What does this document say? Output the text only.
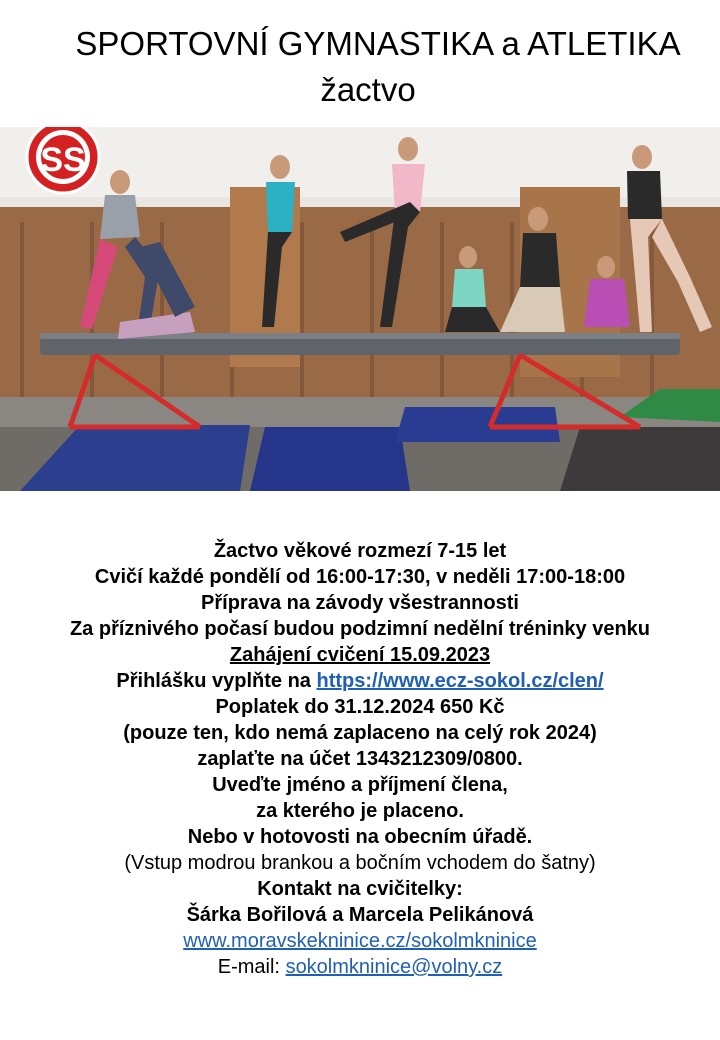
SPORTOVNÍ GYMNASTIKA a ATLETIKA
žactvo
SS
Žactvo věkové rozmezí 7-15 let
Cvičí každé pondělí od 16:00-17:30, v neděli 17:00-18:00
Příprava na závody všestrannosti
Za příznivého počasí budou podzimní nedělní tréninky venku
Zahájení cvičení 15.09.2023
Přihlášku vyplňte na https://www.ecz-sokol.cz/clen/
Poplatek do 31.12.2024 650 Kč
(pouze ten, kdo nemá zaplaceno na celý rok 2024)
zaplaťte na účet 1343212309/0800.
Uveďte jméno a příjmení člena,
za kterého je placeno.
Nebo v hotovosti na obecním úřadě.
(Vstup modrou brankou a bočním vchodem do šatny)
Kontakt na cvičitelky:
Šárka Bořilová a Marcela Pelikánová
www.moravskekninice.cz/sokolmkninice
E-mail: sokolmkninice@volny.cz
